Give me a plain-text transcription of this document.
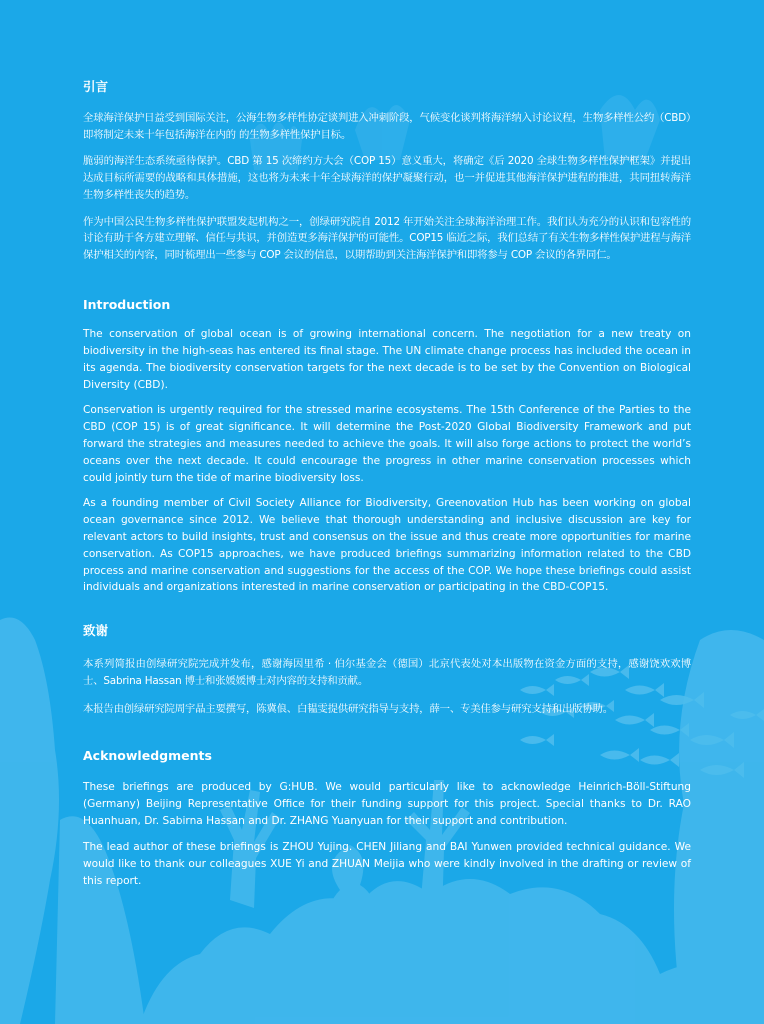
引言

全球海洋保护日益受到国际关注，公海生物多样性协定谈判进入冲刺阶段，气候变化谈判将海洋纳入讨论议程，生物多样性公约（CBD）即将制定未来十年包括海洋在内的 的生物多样性保护目标。

脆弱的海洋生态系统亟待保护。CBD 第 15 次缔约方大会（COP 15）意义重大，将确定《后 2020 全球生物多样性保护框架》并提出达成目标所需要的战略和具体措施，这也将为未来十年全球海洋的保护凝聚行动，也一并促进其他海洋保护进程的推进，共同扭转海洋生物多样性丧失的趋势。

作为中国公民生物多样性保护联盟发起机构之一，创绿研究院自 2012 年开始关注全球海洋治理工作。我们认为充分的认识和包容性的讨论有助于各方建立理解、信任与共识，并创造更多海洋保护的可能性。COP15 临近之际，我们总结了有关生物多样性保护进程与海洋保护相关的内容，同时梳理出一些参与 COP 会议的信息，以期帮助到关注海洋保护和即将参与 COP 会议的各界同仁。

Introduction

The conservation of global ocean is of growing international concern. The negotiation for a new treaty on biodiversity in the high-seas has entered its final stage. The UN climate change process has included the ocean in its agenda. The biodiversity conservation targets for the next decade is to be set by the Convention on Biological Diversity (CBD).

Conservation is urgently required for the stressed marine ecosystems. The 15th Conference of the Parties to the CBD (COP 15) is of great significance. It will determine the Post-2020 Global Biodiversity Framework and put forward the strategies and measures needed to achieve the goals. It will also forge actions to protect the world’s oceans over the next decade. It could encourage the progress in other marine conservation processes which could jointly turn the tide of marine biodiversity loss.

As a founding member of Civil Society Alliance for Biodiversity, Greenovation Hub has been working on global ocean governance since 2012. We believe that thorough understanding and inclusive discussion are key for relevant actors to build insights, trust and consensus on the issue and thus create more opportunities for marine conservation. As COP15 approaches, we have produced briefings summarizing information related to the CBD process and marine conservation and suggestions for the access of the COP. We hope these briefings could assist individuals and organizations interested in marine conservation or participating in the CBD-COP15.

致谢

本系列简报由创绿研究院完成并发布，感谢海因里希 · 伯尔基金会（德国）北京代表处对本出版物在资金方面的支持，感谢饶欢欢博士、Sabrina Hassan 博士和张媛媛博士对内容的支持和贡献。

本报告由创绿研究院周宇晶主要撰写，陈冀俍、白韫雯提供研究指导与支持，薛一、专美佳参与研究支持和出版协助。

Acknowledgments

These briefings are produced by G:HUB. We would particularly like to acknowledge Heinrich-Böll-Stiftung (Germany) Beijing Representative Office for their funding support for this project. Special thanks to Dr. RAO Huanhuan, Dr. Sabirna Hassan and Dr. ZHANG Yuanyuan for their support and contribution.

The lead author of these briefings is ZHOU Yujing. CHEN Jiliang and BAI Yunwen provided technical guidance. We would like to thank our colleagues XUE Yi and ZHUAN Meijia who were kindly involved in the drafting or review of this report.
